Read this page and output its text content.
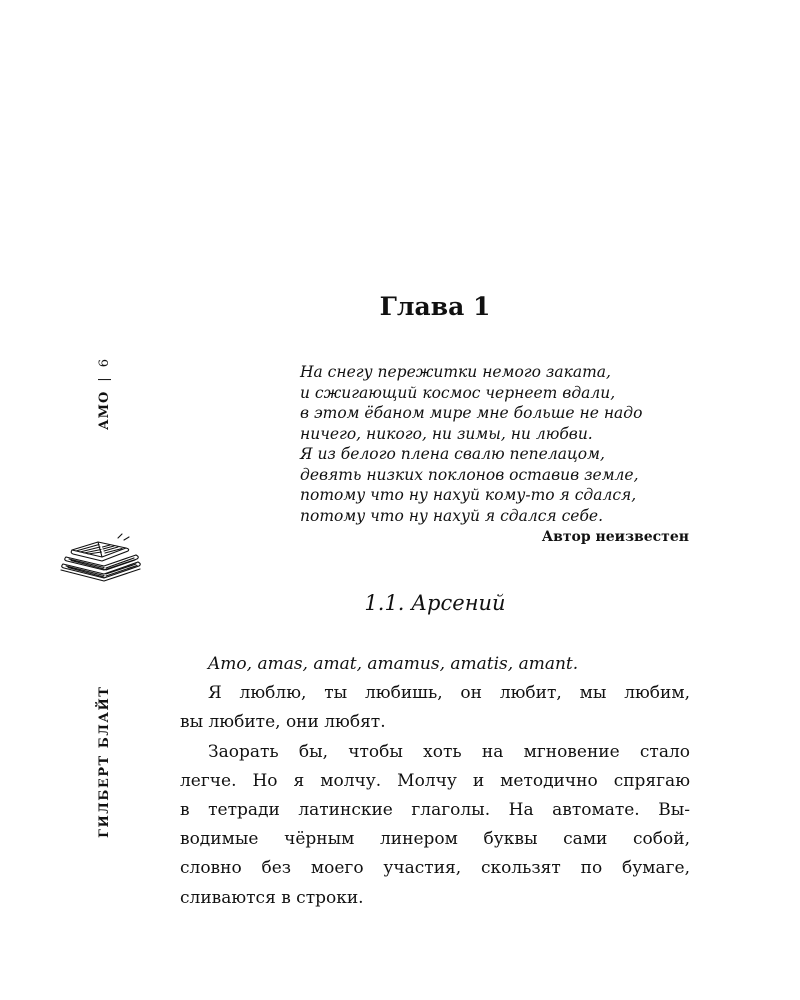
АМО|6
ГИЛБЕРТ БЛАЙТ
Глава 1
На снегу пережитки немого заката,
и сжигающий космос чернеет вдали,
в этом ёбаном мире мне больше не надо
ничего, никого, ни зимы, ни любви.
Я из белого плена свалю пепелацом,
девять низких поклонов оставив земле,
потому что ну нахуй кому-то я сдался,
потому что ну нахуй я сдался себе.
Автор неизвестен
1.1. Арсений
Amo, amas, amat, amamus, amatis, amant.
Я люблю, ты любишь, он любит, мы любим,
вы любите, они любят.
Заорать бы, чтобы хоть на мгновение стало
легче. Но я молчу. Молчу и методично спрягаю
в тетради латинские глаголы. На автомате. Вы-
водимые чёрным линером буквы сами собой,
словно без моего участия, скользят по бумаге,
сливаются в строки.
